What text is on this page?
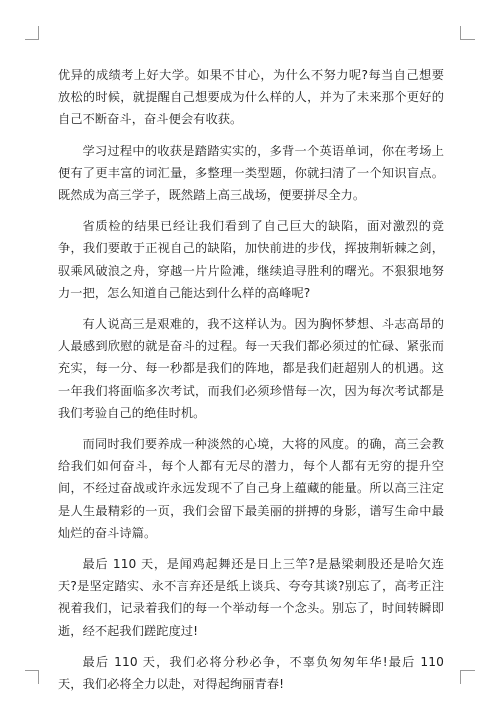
优异的成绩考上好大学。如果不甘心，为什么不努力呢?每当自己想要放松的时候，就提醒自己想要成为什么样的人，并为了未来那个更好的自己不断奋斗，奋斗便会有收获。

学习过程中的收获是踏踏实实的，多背一个英语单词，你在考场上便有了更丰富的词汇量，多整理一类型题，你就扫清了一个知识盲点。既然成为高三学子，既然踏上高三战场，便要拼尽全力。

省质检的结果已经让我们看到了自己巨大的缺陷，面对激烈的竞争，我们要敢于正视自己的缺陷，加快前进的步伐，挥披荆斩棘之剑，驭乘风破浪之舟，穿越一片片险滩，继续追寻胜利的曙光。不狠狠地努力一把，怎么知道自己能达到什么样的高峰呢?

有人说高三是艰难的，我不这样认为。因为胸怀梦想、斗志高昂的人最感到欣慰的就是奋斗的过程。每一天我们都必须过的忙碌、紧张而充实，每一分、每一秒都是我们的阵地，都是我们赶超别人的机遇。这一年我们将面临多次考试，而我们必须珍惜每一次，因为每次考试都是我们考验自己的绝佳时机。

而同时我们要养成一种淡然的心境，大将的风度。的确，高三会教给我们如何奋斗，每个人都有无尽的潜力，每个人都有无穷的提升空间，不经过奋战或许永远发现不了自己身上蕴藏的能量。所以高三注定是人生最精彩的一页，我们会留下最美丽的拼搏的身影，谱写生命中最灿烂的奋斗诗篇。

最后 110 天，是闻鸡起舞还是日上三竿?是悬梁刺股还是哈欠连天?是坚定踏实、永不言弃还是纸上谈兵、夸夸其谈?别忘了，高考正注视着我们，记录着我们的每一个举动每一个念头。别忘了，时间转瞬即逝，经不起我们蹉跎度过!

最后 110 天，我们必将分秒必争，不辜负匆匆年华!最后 110 天，我们必将全力以赴，对得起绚丽青春!
